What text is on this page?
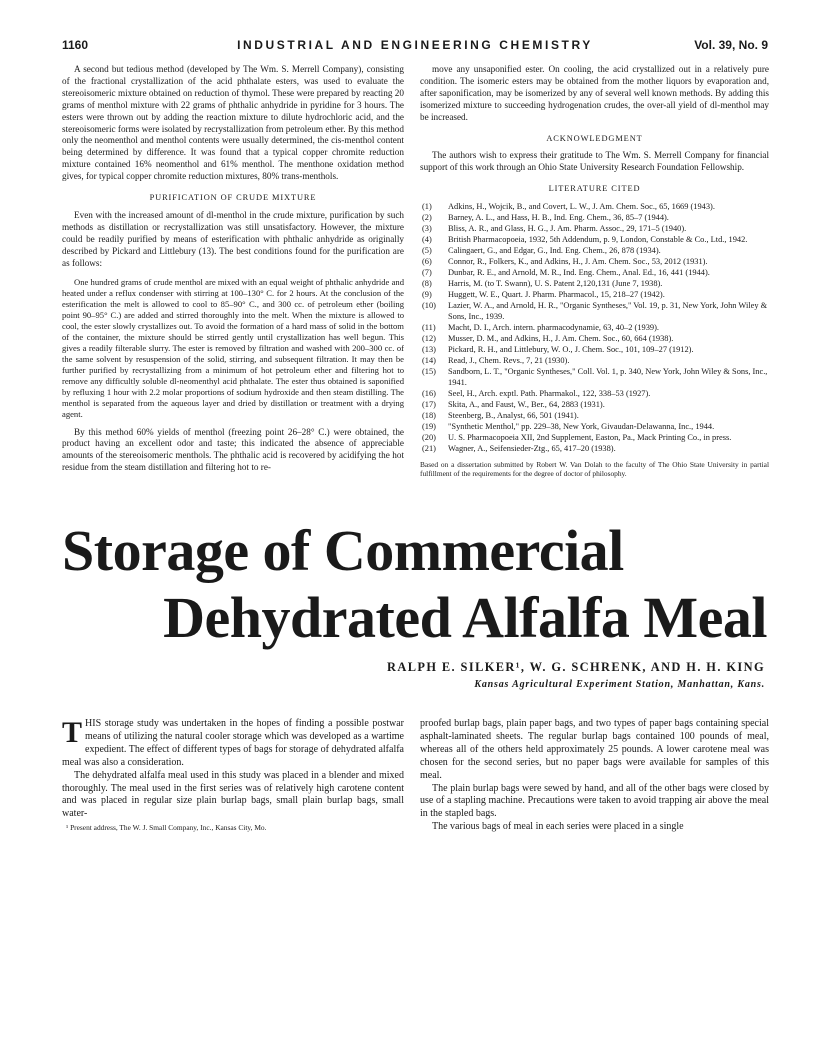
1160	INDUSTRIAL AND ENGINEERING CHEMISTRY	Vol. 39, No. 9

A second but tedious method (developed by The Wm. S. Merrell Company), consisting of the fractional crystallization of the acid phthalate esters, was used to evaluate the stereoisomeric mixture obtained on reduction of thymol. These were prepared by reacting 20 grams of menthol mixture with 22 grams of phthalic anhydride in pyridine for 3 hours. The esters were thrown out by adding the reaction mixture to dilute hydrochloric acid, and the stereoisomeric forms were isolated by recrystallization from petroleum ether. By this method only the neomenthol and menthol contents were usually determined, the cis-menthol content being determined by difference. It was found that a typical copper chromite reduction mixture contained 16% neomenthol and 61% menthol. The menthone oxidation method gives, for typical copper chromite reduction mixtures, 80% trans-menthols.

PURIFICATION OF CRUDE MIXTURE

Even with the increased amount of dl-menthol in the crude mixture, purification by such methods as distillation or recrystallization was still unsatisfactory. However, the mixture could be readily purified by means of esterification with phthalic anhydride as originally described by Pickard and Littlebury (13). The best conditions found for the purification are as follows:

One hundred grams of crude menthol are mixed with an equal weight of phthalic anhydride and heated under a reflux condenser with stirring at 100–130° C. for 2 hours. At the conclusion of the esterification the melt is allowed to cool to 85–90° C., and 300 cc. of petroleum ether (boiling point 90–95° C.) are added and stirred thoroughly into the melt. When the mixture is allowed to cool, the ester slowly crystallizes out. To avoid the formation of a hard mass of solid in the bottom of the container, the mixture should be stirred gently until crystallization has well begun. This gives a readily filterable slurry. The ester is removed by filtration and washed with 200–300 cc. of the same solvent by resuspension of the solid, stirring, and subsequent filtration. It may then be further purified by recrystallizing from a minimum of hot petroleum ether and filtering hot to remove any difficultly soluble dl-neomenthyl acid phthalate. The ester thus obtained is saponified by refluxing 1 hour with 2.2 molar proportions of sodium hydroxide and then steam distilling. The menthol is separated from the aqueous layer and dried by distillation or treatment with a drying agent.

By this method 60% yields of menthol (freezing point 26–28° C.) were obtained, the product having an excellent odor and taste; this indicated the absence of appreciable amounts of the stereoisomeric menthols. The phthalic acid is recovered by acidifying the hot residue from the steam distillation and filtering hot to re-

move any unsaponified ester. On cooling, the acid crystallized out in a relatively pure condition. The isomeric esters may be obtained from the mother liquors by evaporation and, after saponification, may be isomerized by any of several well known methods. By adding this isomerized mixture to succeeding hydrogenation crudes, the over-all yield of dl-menthol may be increased.

ACKNOWLEDGMENT

The authors wish to express their gratitude to The Wm. S. Merrell Company for financial support of this work through an Ohio State University Research Foundation Fellowship.

LITERATURE CITED

(1) Adkins, H., Wojcik, B., and Covert, L. W., J. Am. Chem. Soc., 65, 1669 (1943).
(2) Barney, A. L., and Hass, H. B., Ind. Eng. Chem., 36, 85–7 (1944).
(3) Bliss, A. R., and Glass, H. G., J. Am. Pharm. Assoc., 29, 171–5 (1940).
(4) British Pharmacopoeia, 1932, 5th Addendum, p. 9, London, Constable & Co., Ltd., 1942.
(5) Calingaert, G., and Edgar, G., Ind. Eng. Chem., 26, 878 (1934).
(6) Connor, R., Folkers, K., and Adkins, H., J. Am. Chem. Soc., 53, 2012 (1931).
(7) Dunbar, R. E., and Arnold, M. R., Ind. Eng. Chem., Anal. Ed., 16, 441 (1944).
(8) Harris, M. (to T. Swann), U. S. Patent 2,120,131 (June 7, 1938).
(9) Huggett, W. E., Quart. J. Pharm. Pharmacol., 15, 218–27 (1942).
(10) Lazier, W. A., and Arnold, H. R., "Organic Syntheses," Vol. 19, p. 31, New York, John Wiley & Sons, Inc., 1939.
(11) Macht, D. I., Arch. intern. pharmacodynamie, 63, 40–2 (1939).
(12) Musser, D. M., and Adkins, H., J. Am. Chem. Soc., 60, 664 (1938).
(13) Pickard, R. H., and Littlebury, W. O., J. Chem. Soc., 101, 109–27 (1912).
(14) Read, J., Chem. Revs., 7, 21 (1930).
(15) Sandborn, L. T., "Organic Syntheses," Coll. Vol. 1, p. 340, New York, John Wiley & Sons, Inc., 1941.
(16) Seel, H., Arch. exptl. Path. Pharmakol., 122, 338–53 (1927).
(17) Skita, A., and Faust, W., Ber., 64, 2883 (1931).
(18) Steenberg, B., Analyst, 66, 501 (1941).
(19) "Synthetic Menthol," pp. 229–38, New York, Givaudan-Delawanna, Inc., 1944.
(20) U. S. Pharmacopoeia XII, 2nd Supplement, Easton, Pa., Mack Printing Co., in press.
(21) Wagner, A., Seifensieder-Ztg., 65, 417–20 (1938).

Based on a dissertation submitted by Robert W. Van Dolah to the faculty of The Ohio State University in partial fulfillment of the requirements for the degree of doctor of philosophy.

Storage of Commercial
Dehydrated Alfalfa Meal
RALPH E. SILKER¹, W. G. SCHRENK, AND H. H. KING
Kansas Agricultural Experiment Station, Manhattan, Kans.

THIS storage study was undertaken in the hopes of finding a possible postwar means of utilizing the natural cooler storage which was developed as a wartime expedient. The effect of different types of bags for storage of dehydrated alfalfa meal was also a consideration.

The dehydrated alfalfa meal used in this study was placed in a blender and mixed thoroughly. The meal used in the first series was of relatively high carotene content and was placed in regular size plain burlap bags, small plain burlap bags, small water-

¹ Present address, The W. J. Small Company, Inc., Kansas City, Mo.

proofed burlap bags, plain paper bags, and two types of paper bags containing special asphalt-laminated sheets. The regular burlap bags contained 100 pounds of meal, whereas all of the others held approximately 25 pounds. A lower carotene meal was chosen for the second series, but no paper bags were available for samples of this meal.

The plain burlap bags were sewed by hand, and all of the other bags were closed by use of a stapling machine. Precautions were taken to avoid trapping air above the meal in the stapled bags.

The various bags of meal in each series were placed in a single
